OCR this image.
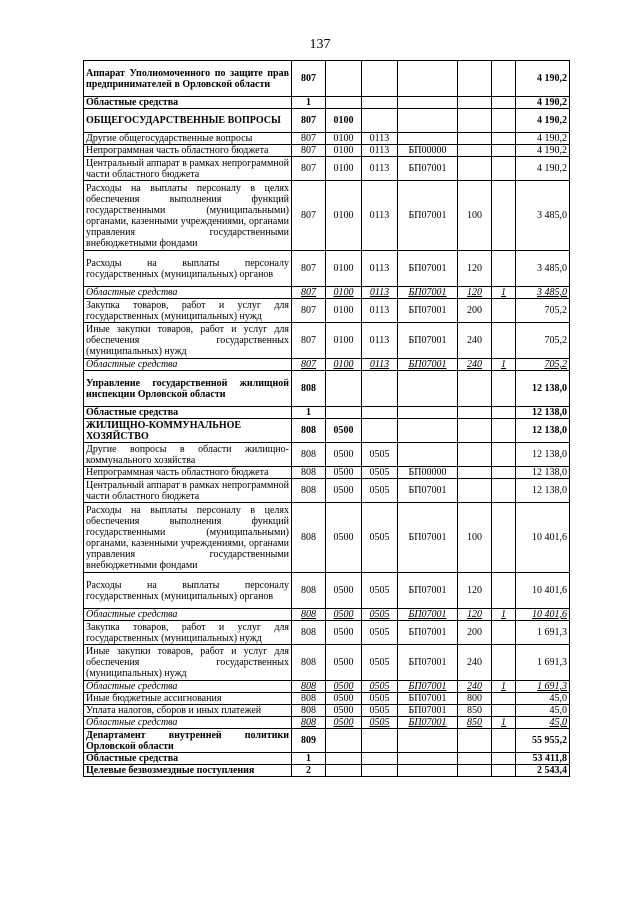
137
Аппарат Уполномоченного по защите прав предпринимателей в Орловской области	807						4 190,2
Областные средства	1						4 190,2
ОБЩЕГОСУДАРСТВЕННЫЕ ВОПРОСЫ	807	0100					4 190,2
Другие общегосударственные вопросы	807	0100	0113				4 190,2
Непрограммная часть областного бюджета	807	0100	0113	БП00000			4 190,2
Центральный аппарат в рамках непрограммной части областного бюджета	807	0100	0113	БП07001			4 190,2
Расходы на выплаты персоналу в целях обеспечения выполнения функций государственными (муниципальными) органами, казенными учреждениями, органами управления государственными внебюджетными фондами	807	0100	0113	БП07001	100		3 485,0
Расходы на выплаты персоналу государственных (муниципальных) органов	807	0100	0113	БП07001	120		3 485,0
Областные средства	807	0100	0113	БП07001	120	1	3 485,0
Закупка товаров, работ и услуг для государственных (муниципальных) нужд	807	0100	0113	БП07001	200		705,2
Иные закупки товаров, работ и услуг для обеспечения государственных (муниципальных) нужд	807	0100	0113	БП07001	240		705,2
Областные средства	807	0100	0113	БП07001	240	1	705,2
Управление государственной жилищной инспекции Орловской области	808						12 138,0
Областные средства	1						12 138,0
ЖИЛИЩНО-КОММУНАЛЬНОЕ ХОЗЯЙСТВО	808	0500					12 138,0
Другие вопросы в области жилищно-коммунального хозяйства	808	0500	0505				12 138,0
Непрограммная часть областного бюджета	808	0500	0505	БП00000			12 138,0
Центральный аппарат в рамках непрограммной части областного бюджета	808	0500	0505	БП07001			12 138,0
Расходы на выплаты персоналу в целях обеспечения выполнения функций государственными (муниципальными) органами, казенными учреждениями, органами управления государственными внебюджетными фондами	808	0500	0505	БП07001	100		10 401,6
Расходы на выплаты персоналу государственных (муниципальных) органов	808	0500	0505	БП07001	120		10 401,6
Областные средства	808	0500	0505	БП07001	120	1	10 401,6
Закупка товаров, работ и услуг для государственных (муниципальных) нужд	808	0500	0505	БП07001	200		1 691,3
Иные закупки товаров, работ и услуг для обеспечения государственных (муниципальных) нужд	808	0500	0505	БП07001	240		1 691,3
Областные средства	808	0500	0505	БП07001	240	1	1 691,3
Иные бюджетные ассигнования	808	0500	0505	БП07001	800		45,0
Уплата налогов, сборов и иных платежей	808	0500	0505	БП07001	850		45,0
Областные средства	808	0500	0505	БП07001	850	1	45,0
Департамент внутренней политики Орловской области	809						55 955,2
Областные средства	1						53 411,8
Целевые безвозмездные поступления	2						2 543,4
